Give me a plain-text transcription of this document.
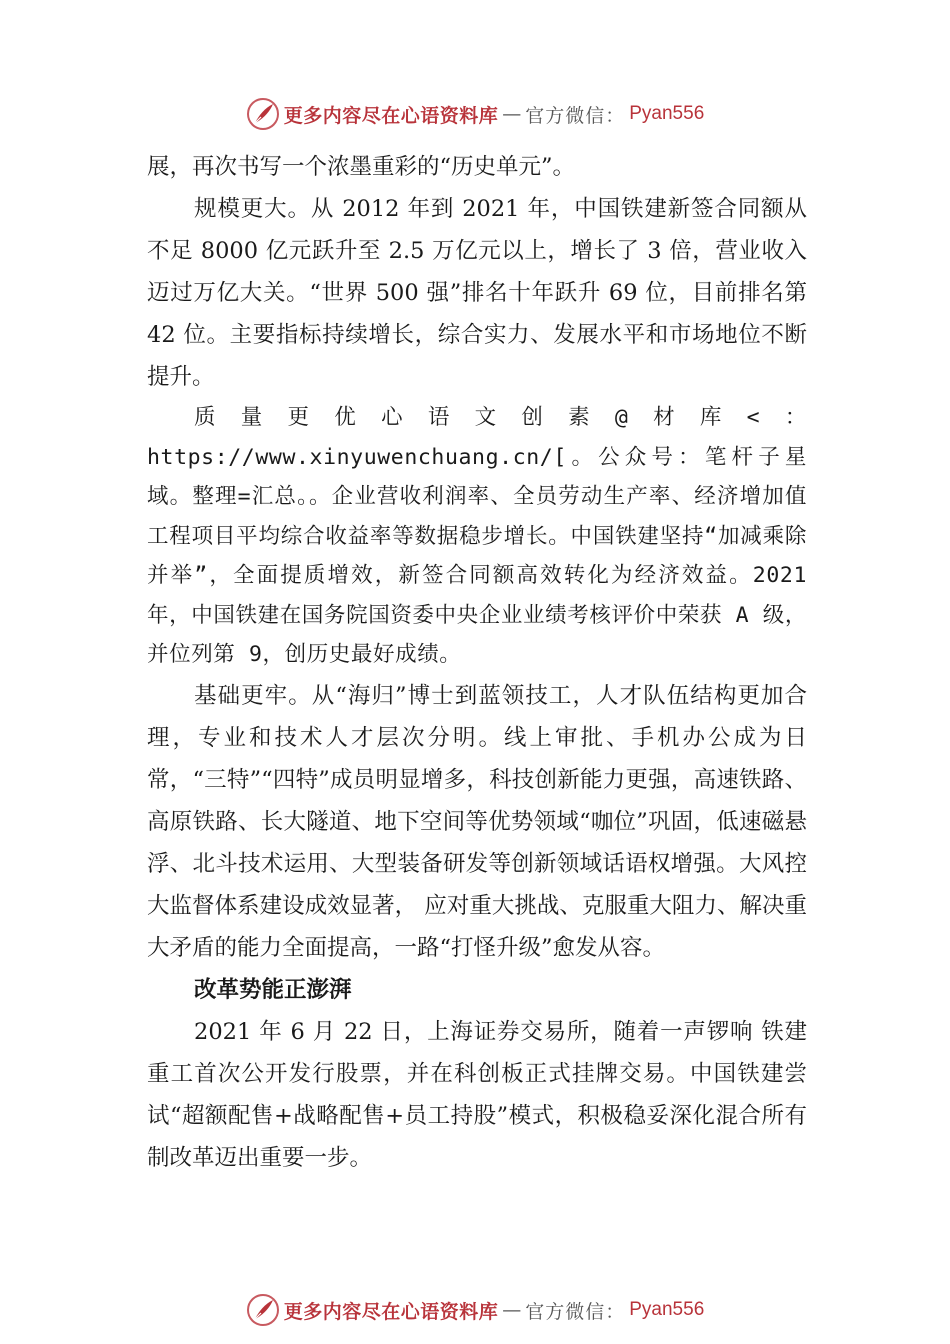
更多内容尽在心语资料库 — 官方微信： Pyan556

展，再次书写一个浓墨重彩的“历史单元”。

规模更大。从 2012 年到 2021 年，中国铁建新签合同额从不足 8000 亿元跃升至 2.5 万亿元以上，增长了 3 倍，营业收入迈过万亿大关。“世界 500 强”排名十年跃升 69 位，目前排名第 42 位。主要指标持续增长，综合实力、发展水平和市场地位不断提升。

质量更优心语文创素@材库<：https://www.xinyuwenchuang.cn/[。公众号：笔杆子星域。整理=汇总。。企业营收利润率、全员劳动生产率、经济增加值工程项目平均综合收益率等数据稳步增长。中国铁建坚持“加减乘除并举”，全面提质增效，新签合同额高效转化为经济效益。2021 年，中国铁建在国务院国资委中央企业业绩考核评价中荣获 A 级，并位列第 9，创历史最好成绩。

基础更牢。从“海归”博士到蓝领技工，人才队伍结构更加合理，专业和技术人才层次分明。线上审批、手机办公成为日常，“三特”“四特”成员明显增多，科技创新能力更强，高速铁路、高原铁路、长大隧道、地下空间等优势领域“咖位”巩固，低速磁悬浮、北斗技术运用、大型装备研发等创新领域话语权增强。大风控大监督体系建设成效显著， 应对重大挑战、克服重大阻力、解决重大矛盾的能力全面提高，一路“打怪升级”愈发从容。

改革势能正澎湃

2021 年 6 月 22 日，上海证券交易所，随着一声锣响 铁建重工首次公开发行股票，并在科创板正式挂牌交易。中国铁建尝试“超额配售+战略配售+员工持股”模式，积极稳妥深化混合所有制改革迈出重要一步。

更多内容尽在心语资料库 — 官方微信： Pyan556
